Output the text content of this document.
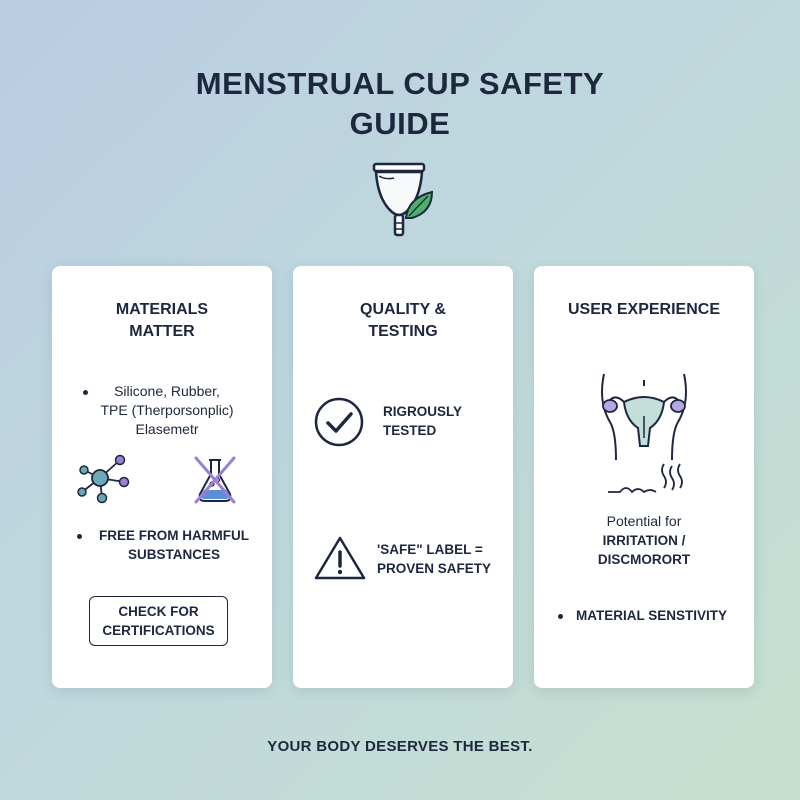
MENSTRUAL CUP SAFETY
GUIDE
MATERIALS
MATTER
Silicone, Rubber,
TPE (Therporsonplic)
Elasemetr
FREE FROM HARMFUL
SUBSTANCES
CHECK FOR
CERTIFICATIONS
QUALITY &
TESTING
RIGROUSLY
TESTED
'SAFE" LABEL =
PROVEN SAFETY
USER EXPERIENCE
Potential for
IRRITATION /
DISCMORORT
MATERIAL SENSTIVITY
YOUR BODY DESERVES THE BEST.
